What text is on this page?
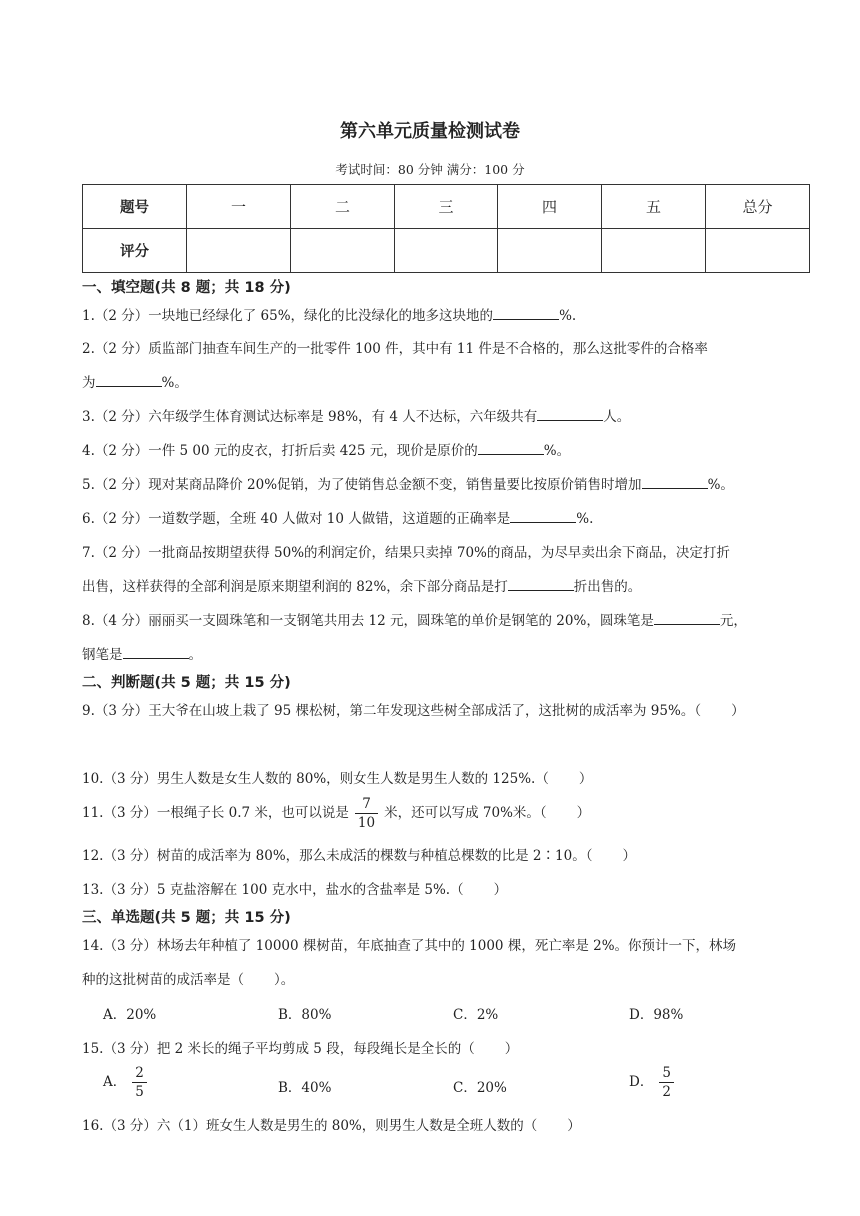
第六单元质量检测试卷
考试时间：80 分钟 满分：100 分
题号	一	二	三	四	五	总分
评分						
一、填空题(共 8 题；共 18 分)
1.（2 分）一块地已经绿化了 65%，绿化的比没绿化的地多这块地的	%.
2.（2 分）质监部门抽查车间生产的一批零件 100 件，其中有 11 件是不合格的，那么这批零件的合格率
为	%。
3.（2 分）六年级学生体育测试达标率是 98%，有 4 人不达标，六年级共有	人。
4.（2 分）一件 5 00 元的皮衣，打折后卖 425 元，现价是原价的	%。
5.（2 分）现对某商品降价 20%促销，为了使销售总金额不变，销售量要比按原价销售时增加	%。
6.（2 分）一道数学题，全班 40 人做对 10 人做错，这道题的正确率是	%.
7.（2 分）一批商品按期望获得 50%的利润定价，结果只卖掉 70%的商品，为尽早卖出余下商品，决定打折
出售，这样获得的全部利润是原来期望利润的 82%，余下部分商品是打	折出售的。
8.（4 分）丽丽买一支圆珠笔和一支钢笔共用去 12 元，圆珠笔的单价是钢笔的 20%，圆珠笔是	元，
钢笔是	。
二、判断题(共 5 题；共 15 分)
9.（3 分）王大爷在山坡上栽了 95 棵松树，第二年发现这些树全部成活了，这批树的成活率为 95%。（ ）
10.（3 分）男生人数是女生人数的 80%，则女生人数是男生人数的 125%.（ ）
11.（3 分）一根绳子长 0.7 米，也可以说是 $\frac{7}{10}$ 米，还可以写成 70%米。（ ）
12.（3 分）树苗的成活率为 80%，那么未成活的棵数与种植总棵数的比是 2∶10。（ ）
13.（3 分）5 克盐溶解在 100 克水中，盐水的含盐率是 5%.（ ）
三、单选题(共 5 题；共 15 分)
14.（3 分）林场去年种植了 10000 棵树苗，年底抽查了其中的 1000 棵，死亡率是 2%。你预计一下，林场
种的这批树苗的成活率是（ ）。
A．20%	B．80%	C．2%	D．98%
15.（3 分）把 2 米长的绳子平均剪成 5 段，每段绳长是全长的（ ）
A． $\frac{2}{5}$	B．40%	C．20%	D． $\frac{5}{2}$
16.（3 分）六（1）班女生人数是男生的 80%，则男生人数是全班人数的（ ）
